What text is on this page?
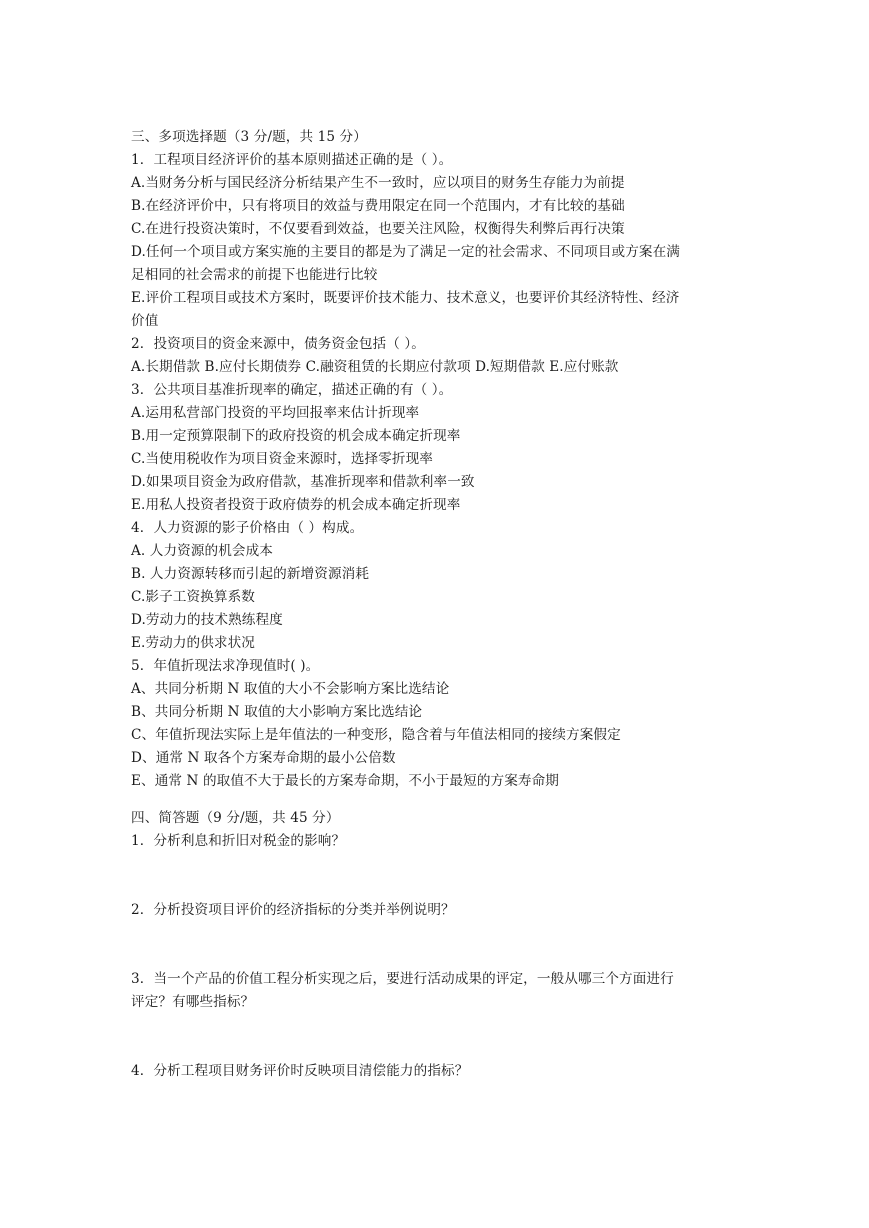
三、多项选择题（3 分/题，共 15 分）
1．工程项目经济评价的基本原则描述正确的是（ ）。
A.当财务分析与国民经济分析结果产生不一致时，应以项目的财务生存能力为前提
B.在经济评价中，只有将项目的效益与费用限定在同一个范围内，才有比较的基础
C.在进行投资决策时，不仅要看到效益，也要关注风险，权衡得失利弊后再行决策
D.任何一个项目或方案实施的主要目的都是为了满足一定的社会需求、不同项目或方案在满
足相同的社会需求的前提下也能进行比较
E.评价工程项目或技术方案时，既要评价技术能力、技术意义，也要评价其经济特性、经济
价值
2．投资项目的资金来源中，债务资金包括（ ）。
A.长期借款 B.应付长期债券 C.融资租赁的长期应付款项 D.短期借款 E.应付账款
3．公共项目基准折现率的确定，描述正确的有（ ）。
A.运用私营部门投资的平均回报率来估计折现率
B.用一定预算限制下的政府投资的机会成本确定折现率
C.当使用税收作为项目资金来源时，选择零折现率
D.如果项目资金为政府借款，基准折现率和借款利率一致
E.用私人投资者投资于政府债券的机会成本确定折现率
4．人力资源的影子价格由（ ）构成。
A. 人力资源的机会成本
B. 人力资源转移而引起的新增资源消耗
C.影子工资换算系数
D.劳动力的技术熟练程度
E.劳动力的供求状况
5．年值折现法求净现值时( )。
A、共同分析期 N 取值的大小不会影响方案比选结论
B、共同分析期 N 取值的大小影响方案比选结论
C、年值折现法实际上是年值法的一种变形，隐含着与年值法相同的接续方案假定
D、通常 N 取各个方案寿命期的最小公倍数
E、通常 N 的取值不大于最长的方案寿命期，不小于最短的方案寿命期
四、简答题（9 分/题，共 45 分）
1．分析利息和折旧对税金的影响？
2．分析投资项目评价的经济指标的分类并举例说明？
3．当一个产品的价值工程分析实现之后，要进行活动成果的评定，一般从哪三个方面进行
评定？有哪些指标？
4．分析工程项目财务评价时反映项目清偿能力的指标？
